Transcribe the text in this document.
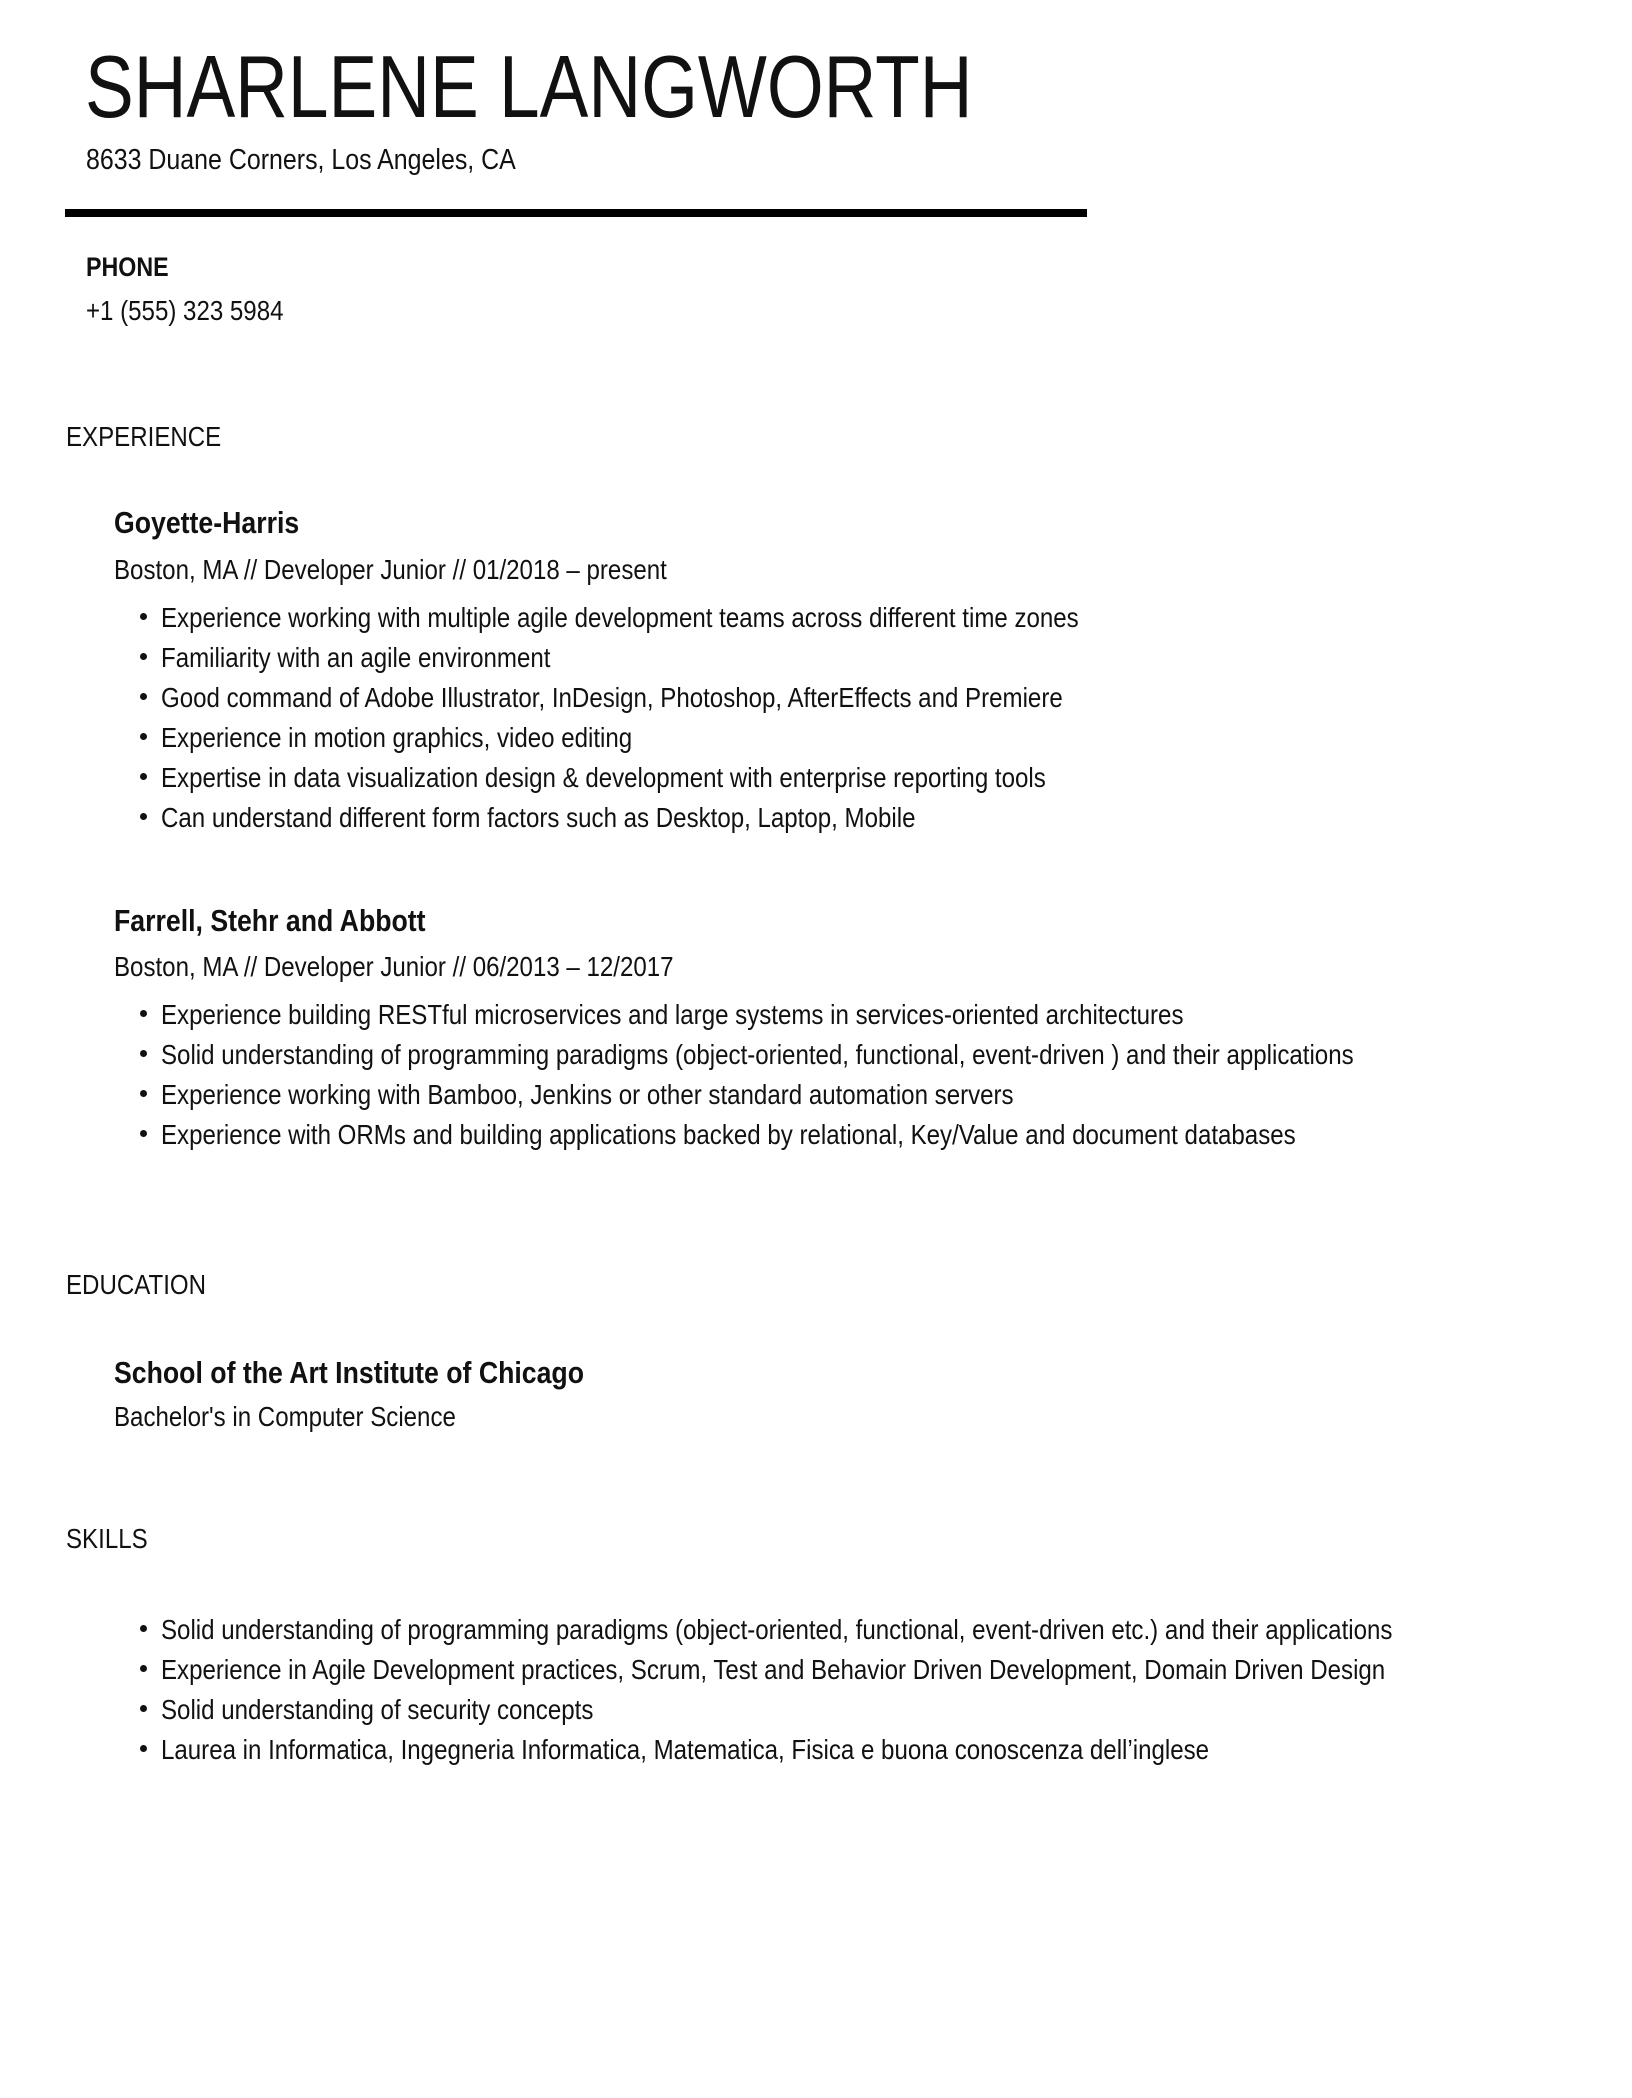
SHARLENE LANGWORTH
8633 Duane Corners, Los Angeles, CA
PHONE
+1 (555) 323 5984
EXPERIENCE
Goyette-Harris
Boston, MA // Developer Junior // 01/2018 – present
Experience working with multiple agile development teams across different time zones
Familiarity with an agile environment
Good command of Adobe Illustrator, InDesign, Photoshop, AfterEffects and Premiere
Experience in motion graphics, video editing
Expertise in data visualization design & development with enterprise reporting tools
Can understand different form factors such as Desktop, Laptop, Mobile
Farrell, Stehr and Abbott
Boston, MA // Developer Junior // 06/2013 – 12/2017
Experience building RESTful microservices and large systems in services-oriented architectures
Solid understanding of programming paradigms (object-oriented, functional, event-driven ) and their applications
Experience working with Bamboo, Jenkins or other standard automation servers
Experience with ORMs and building applications backed by relational, Key/Value and document databases
EDUCATION
School of the Art Institute of Chicago
Bachelor's in Computer Science
SKILLS
Solid understanding of programming paradigms (object-oriented, functional, event-driven etc.) and their applications
Experience in Agile Development practices, Scrum, Test and Behavior Driven Development, Domain Driven Design
Solid understanding of security concepts
Laurea in Informatica, Ingegneria Informatica, Matematica, Fisica e buona conoscenza dell’inglese
